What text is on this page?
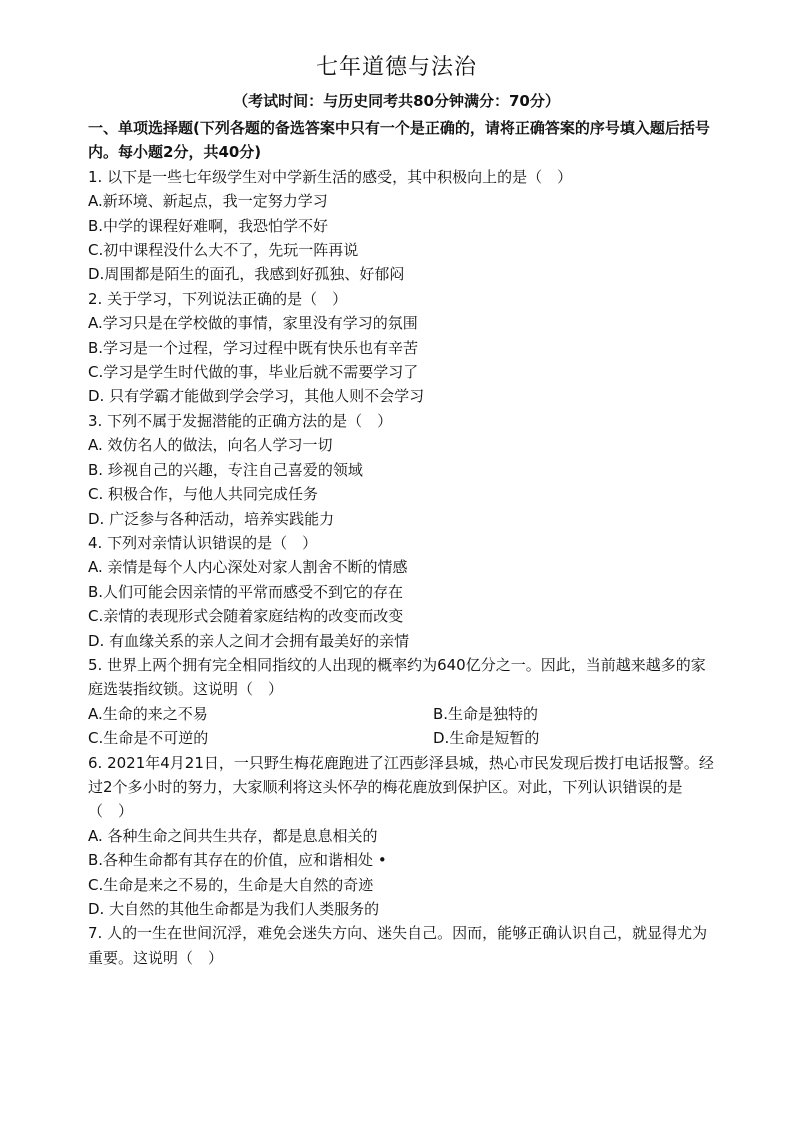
七年道德与法治
（考试时间：与历史同考共80分钟满分：70分）
一、单项选择题(下列各题的备选答案中只有一个是正确的，请将正确答案的序号填入题后括号内。每小题2分，共40分)
1. 以下是一些七年级学生对中学新生活的感受，其中积极向上的是（　）
A.新环境、新起点，我一定努力学习
B.中学的课程好难啊，我恐怕学不好
C.初中课程没什么大不了，先玩一阵再说
D.周围都是陌生的面孔，我感到好孤独、好郁闷
2. 关于学习，下列说法正确的是（　）
A.学习只是在学校做的事情，家里没有学习的氛围
B.学习是一个过程，学习过程中既有快乐也有辛苦
C.学习是学生时代做的事，毕业后就不需要学习了
D. 只有学霸才能做到学会学习，其他人则不会学习
3. 下列不属于发掘潜能的正确方法的是（　）
A. 效仿名人的做法，向名人学习一切
B. 珍视自己的兴趣，专注自己喜爱的领域
C. 积极合作，与他人共同完成任务
D. 广泛参与各种活动，培养实践能力
4. 下列对亲情认识错误的是（　）
A. 亲情是每个人内心深处对家人割舍不断的情感
B.人们可能会因亲情的平常而感受不到它的存在
C.亲情的表现形式会随着家庭结构的改变而改变
D. 有血缘关系的亲人之间才会拥有最美好的亲情
5. 世界上两个拥有完全相同指纹的人出现的概率约为640亿分之一。因此，当前越来越多的家庭选装指纹锁。这说明（　）
A.生命的来之不易	B.生命是独特的
C.生命是不可逆的	D.生命是短暂的
6. 2021年4月21日，一只野生梅花鹿跑进了江西彭泽县城，热心市民发现后拨打电话报警。经过2个多小时的努力，大家顺利将这头怀孕的梅花鹿放到保护区。对此，下列认识错误的是（　）
A. 各种生命之间共生共存，都是息息相关的
B.各种生命都有其存在的价值，应和谐相处 •
C.生命是来之不易的，生命是大自然的奇迹
D. 大自然的其他生命都是为我们人类服务的
7. 人的一生在世间沉浮，难免会迷失方向、迷失自己。因而，能够正确认识自己，就显得尤为重要。这说明（　）
